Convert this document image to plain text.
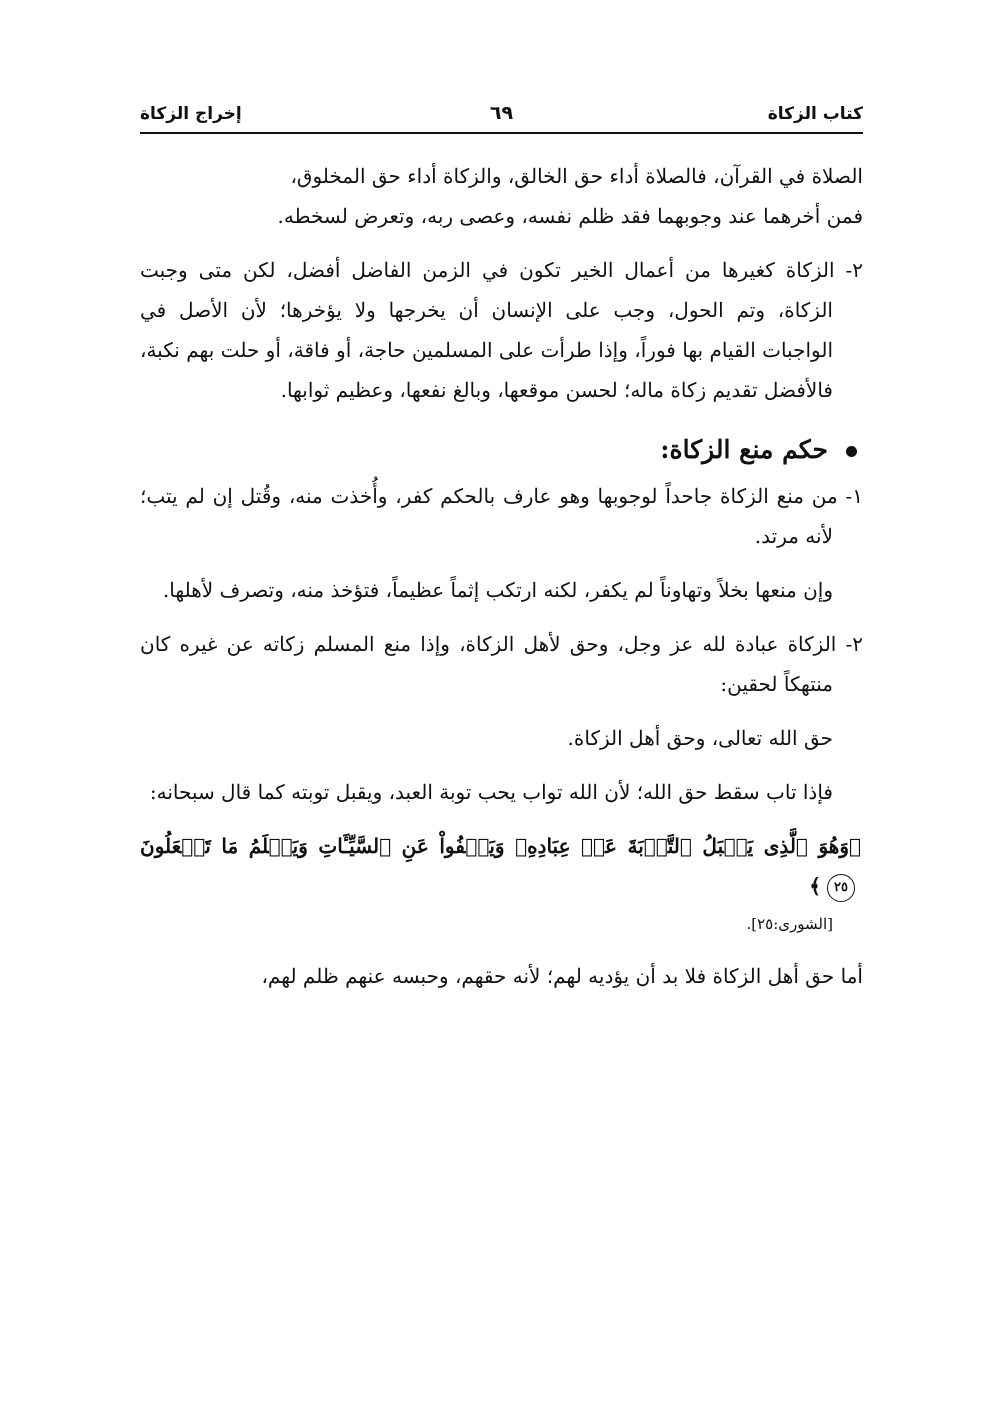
كتاب الزكاة
٦٩
إخراج الزكاة

الصلاة في القرآن، فالصلاة أداء حق الخالق، والزكاة أداء حق المخلوق،

فمن أخرهما عند وجوبهما فقد ظلم نفسه، وعصى ربه، وتعرض لسخطه.

٢- الزكاة كغيرها من أعمال الخير تكون في الزمن الفاضل أفضل، لكن متى وجبت الزكاة، وتم الحول، وجب على الإنسان أن يخرجها ولا يؤخرها؛ لأن الأصل في الواجبات القيام بها فوراً، وإذا طرأت على المسلمين حاجة، أو فاقة، أو حلت بهم نكبة، فالأفضل تقديم زكاة ماله؛ لحسن موقعها، وبالغ نفعها، وعظيم ثوابها.

حكم منع الزكاة:

١- من منع الزكاة جاحداً لوجوبها وهو عارف بالحكم كفر، وأُخذت منه، وقُتل إن لم يتب؛ لأنه مرتد.

وإن منعها بخلاً وتهاوناً لم يكفر، لكنه ارتكب إثماً عظيماً، فتؤخذ منه، وتصرف لأهلها.

٢- الزكاة عبادة لله عز وجل، وحق لأهل الزكاة، وإذا منع المسلم زكاته عن غيره كان منتهكاً لحقين:

حق الله تعالى، وحق أهل الزكاة.

فإذا تاب سقط حق الله؛ لأن الله تواب يحب توبة العبد، ويقبل توبته كما قال سبحانه:

﴿وَهُوَ ٱلَّذِى يَقۡبَلُ ٱلتَّوۡبَةَ عَنۡ عِبَادِهِۦ وَيَعۡفُواْ عَنِ ٱلسَّيِّـَٔاتِ وَيَعۡلَمُ مَا تَفۡعَلُونَ٢٥﴾

[الشورى:٢٥].

أما حق أهل الزكاة فلا بد أن يؤديه لهم؛ لأنه حقهم، وحبسه عنهم ظلم لهم،
